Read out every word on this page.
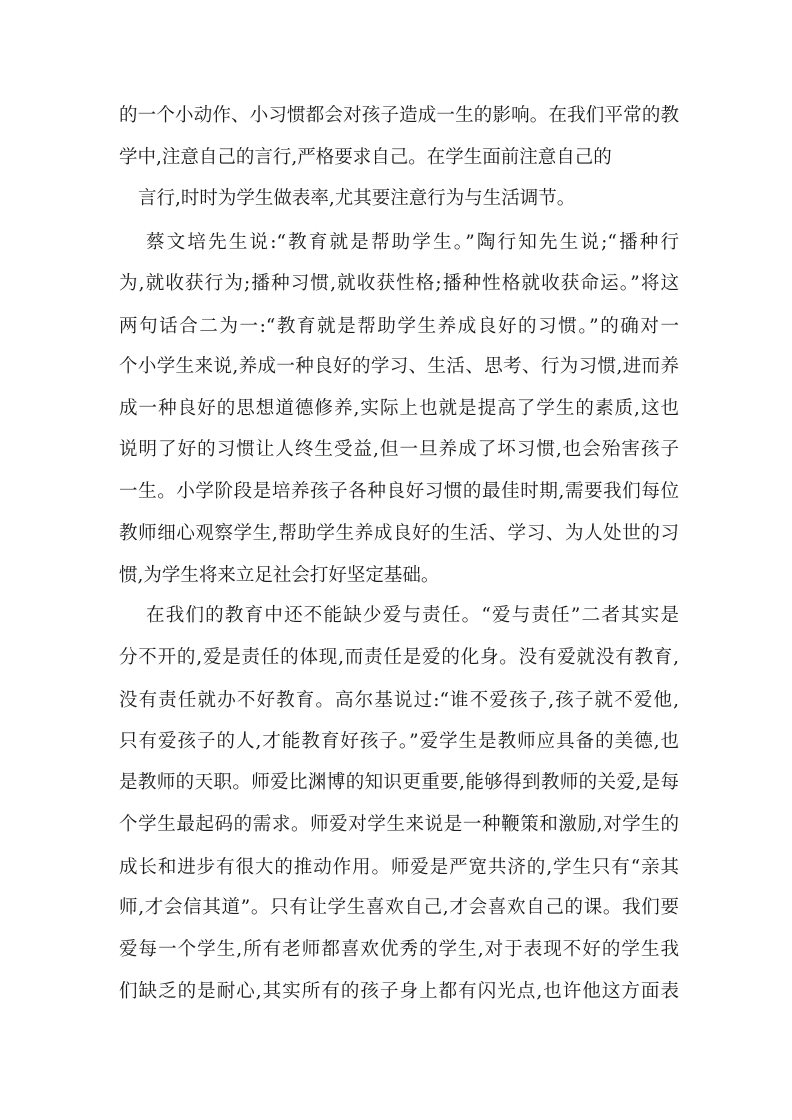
的一个小动作、小习惯都会对孩子造成一生的影响。在我们平常的教
学中,注意自己的言行,严格要求自己。在学生面前注意自己的
言行,时时为学生做表率,尤其要注意行为与生活调节。
蔡文培先生说:“教育就是帮助学生。”陶行知先生说;“播种行
为,就收获行为;播种习惯,就收获性格;播种性格就收获命运。”将这
两句话合二为一:“教育就是帮助学生养成良好的习惯。”的确对一
个小学生来说,养成一种良好的学习、生活、思考、行为习惯,进而养
成一种良好的思想道德修养,实际上也就是提高了学生的素质,这也
说明了好的习惯让人终生受益,但一旦养成了坏习惯,也会殆害孩子
一生。小学阶段是培养孩子各种良好习惯的最佳时期,需要我们每位
教师细心观察学生,帮助学生养成良好的生活、学习、为人处世的习
惯,为学生将来立足社会打好坚定基础。
在我们的教育中还不能缺少爱与责任。“爱与责任”二者其实是
分不开的,爱是责任的体现,而责任是爱的化身。没有爱就没有教育,
没有责任就办不好教育。高尔基说过:“谁不爱孩子,孩子就不爱他,
只有爱孩子的人,才能教育好孩子。”爱学生是教师应具备的美德,也
是教师的天职。师爱比渊博的知识更重要,能够得到教师的关爱,是每
个学生最起码的需求。师爱对学生来说是一种鞭策和激励,对学生的
成长和进步有很大的推动作用。师爱是严宽共济的,学生只有“亲其
师,才会信其道”。只有让学生喜欢自己,才会喜欢自己的课。我们要
爱每一个学生,所有老师都喜欢优秀的学生,对于表现不好的学生我
们缺乏的是耐心,其实所有的孩子身上都有闪光点,也许他这方面表
